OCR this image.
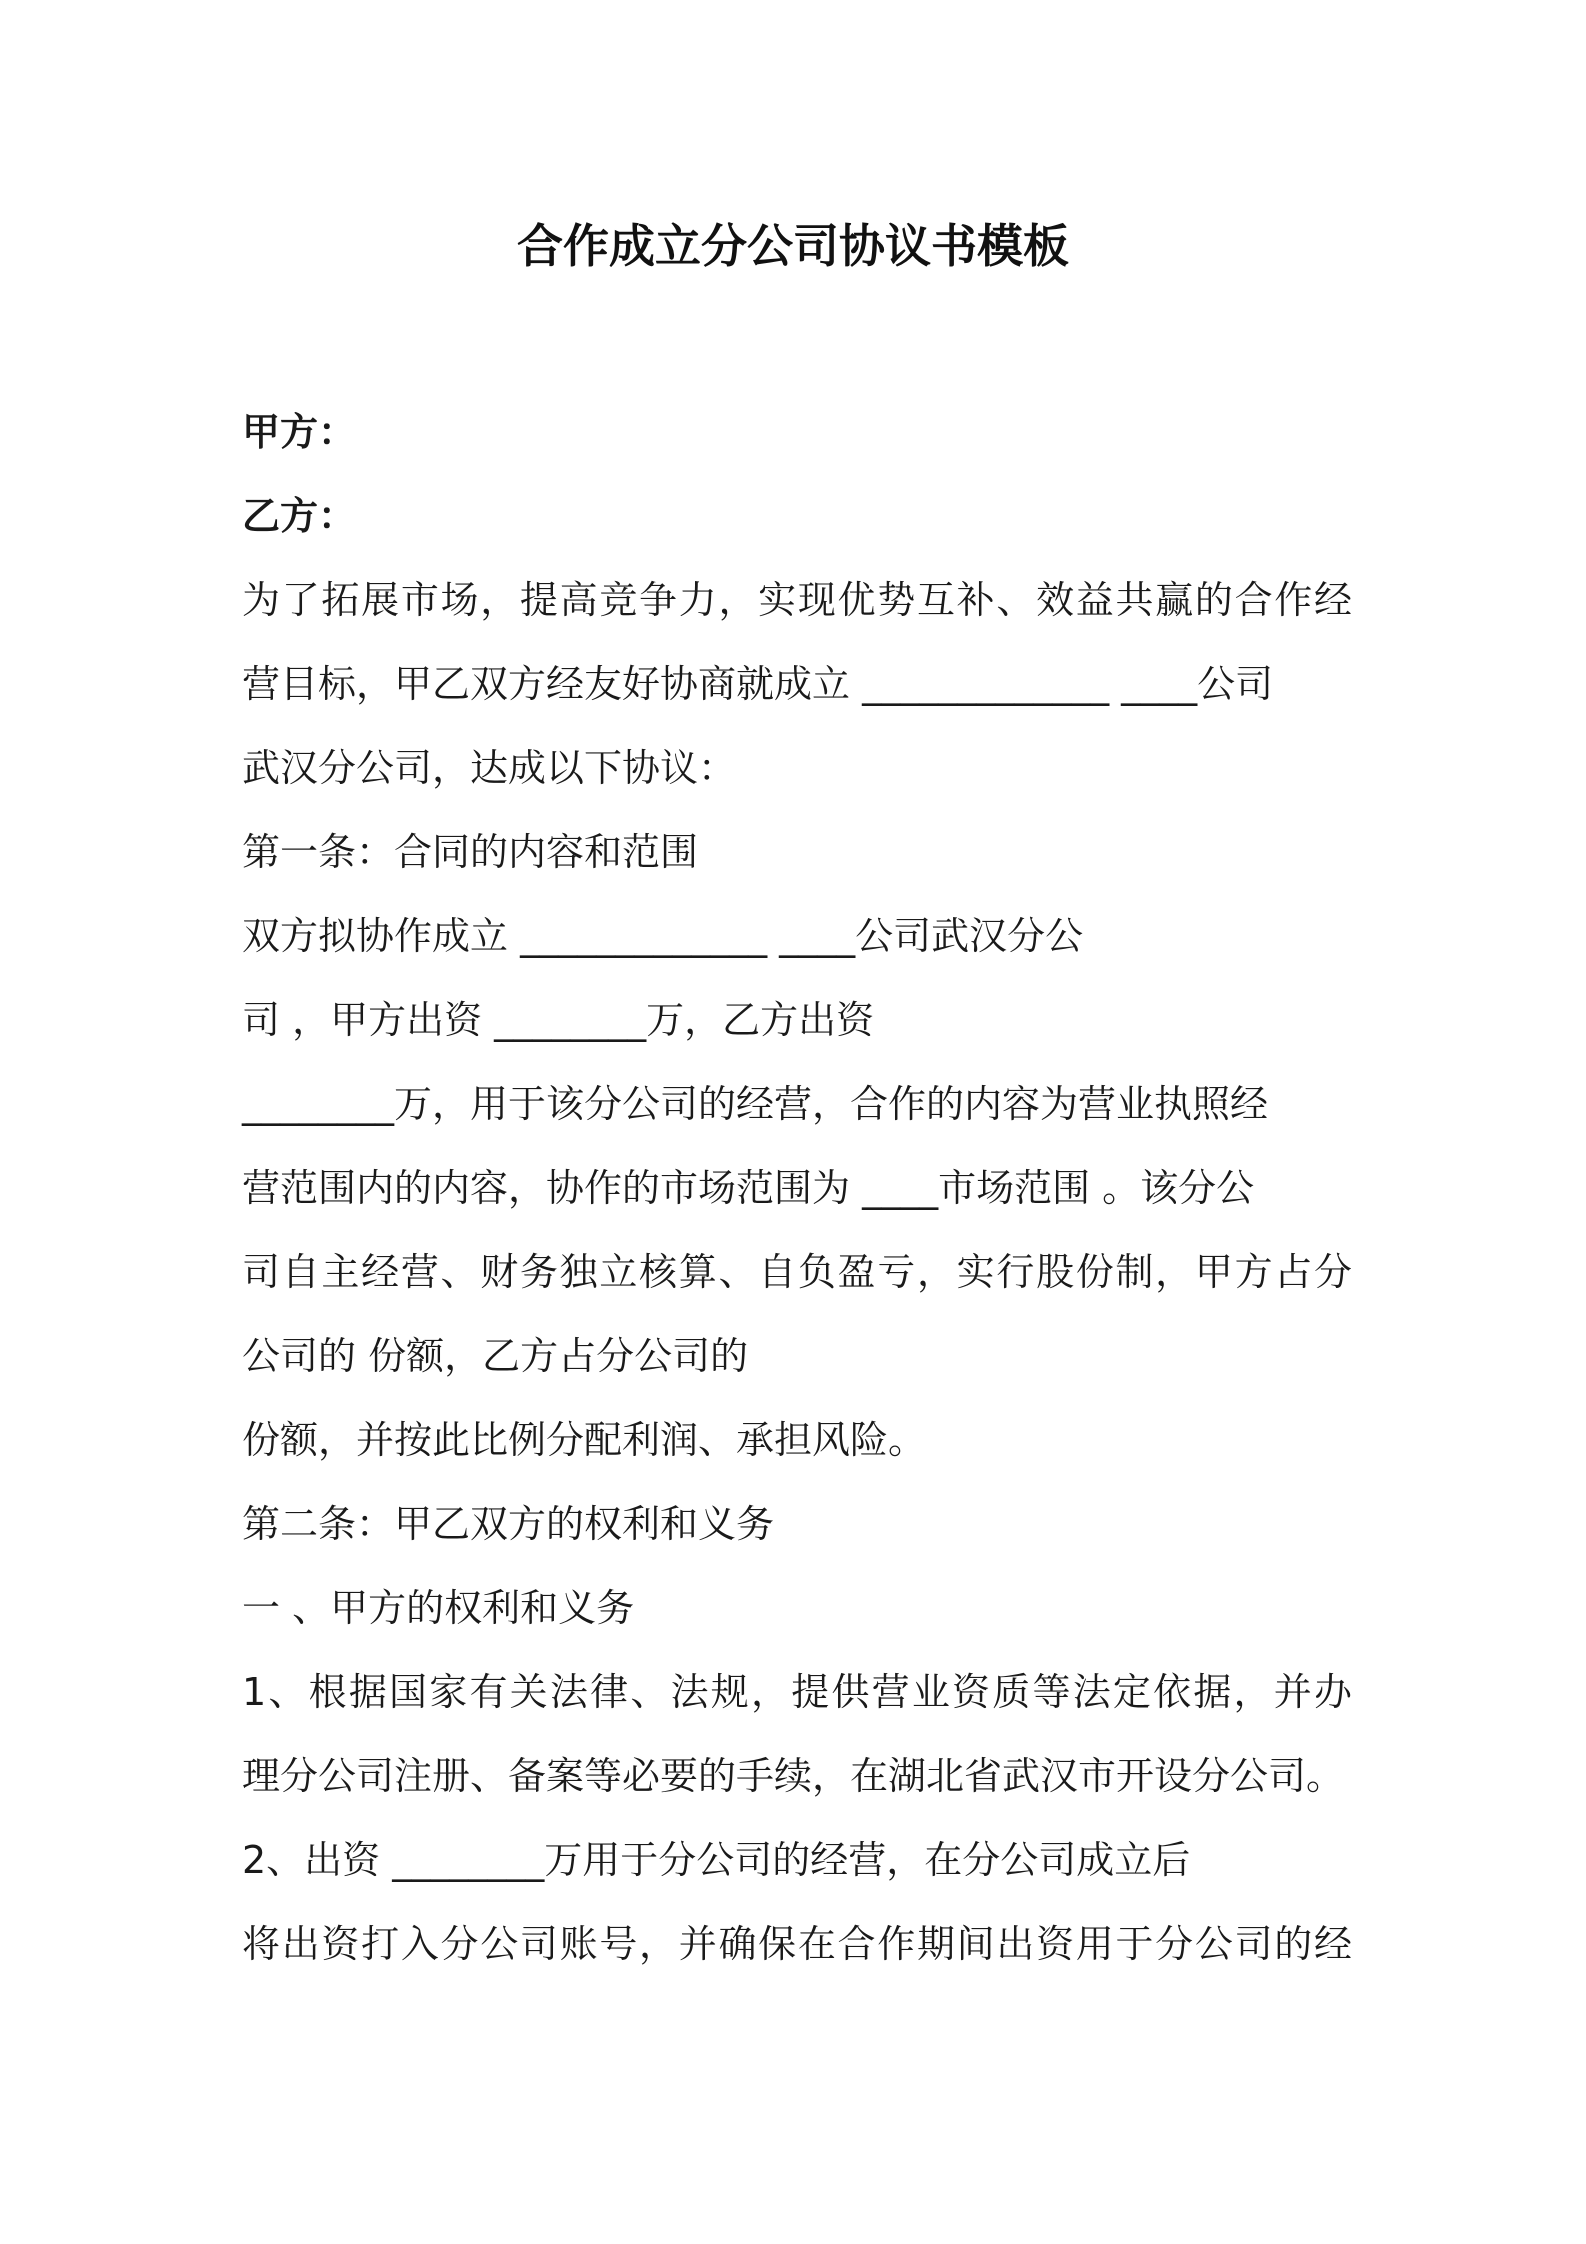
合作成立分公司协议书模板
甲方：
乙方：
为了拓展市场，提高竞争力，实现优势互补、效益共赢的合作经
营目标，甲乙双方经友好协商就成立 _____________ ____公司
武汉分公司，达成以下协议：
第一条：合同的内容和范围
双方拟协作成立 _____________ ____公司武汉分公
司 ，甲方出资 ________万，乙方出资
________万，用于该分公司的经营，合作的内容为营业执照经
营范围内的内容，协作的市场范围为 ____市场范围 。该分公
司自主经营、财务独立核算、自负盈亏，实行股份制，甲方占分
公司的 份额，乙方占分公司的
份额，并按此比例分配利润、承担风险。
第二条：甲乙双方的权利和义务
一 、甲方的权利和义务
1、根据国家有关法律、法规，提供营业资质等法定依据，并办
理分公司注册、备案等必要的手续，在湖北省武汉市开设分公司。
2、出资 ________万用于分公司的经营，在分公司成立后
将出资打入分公司账号，并确保在合作期间出资用于分公司的经
